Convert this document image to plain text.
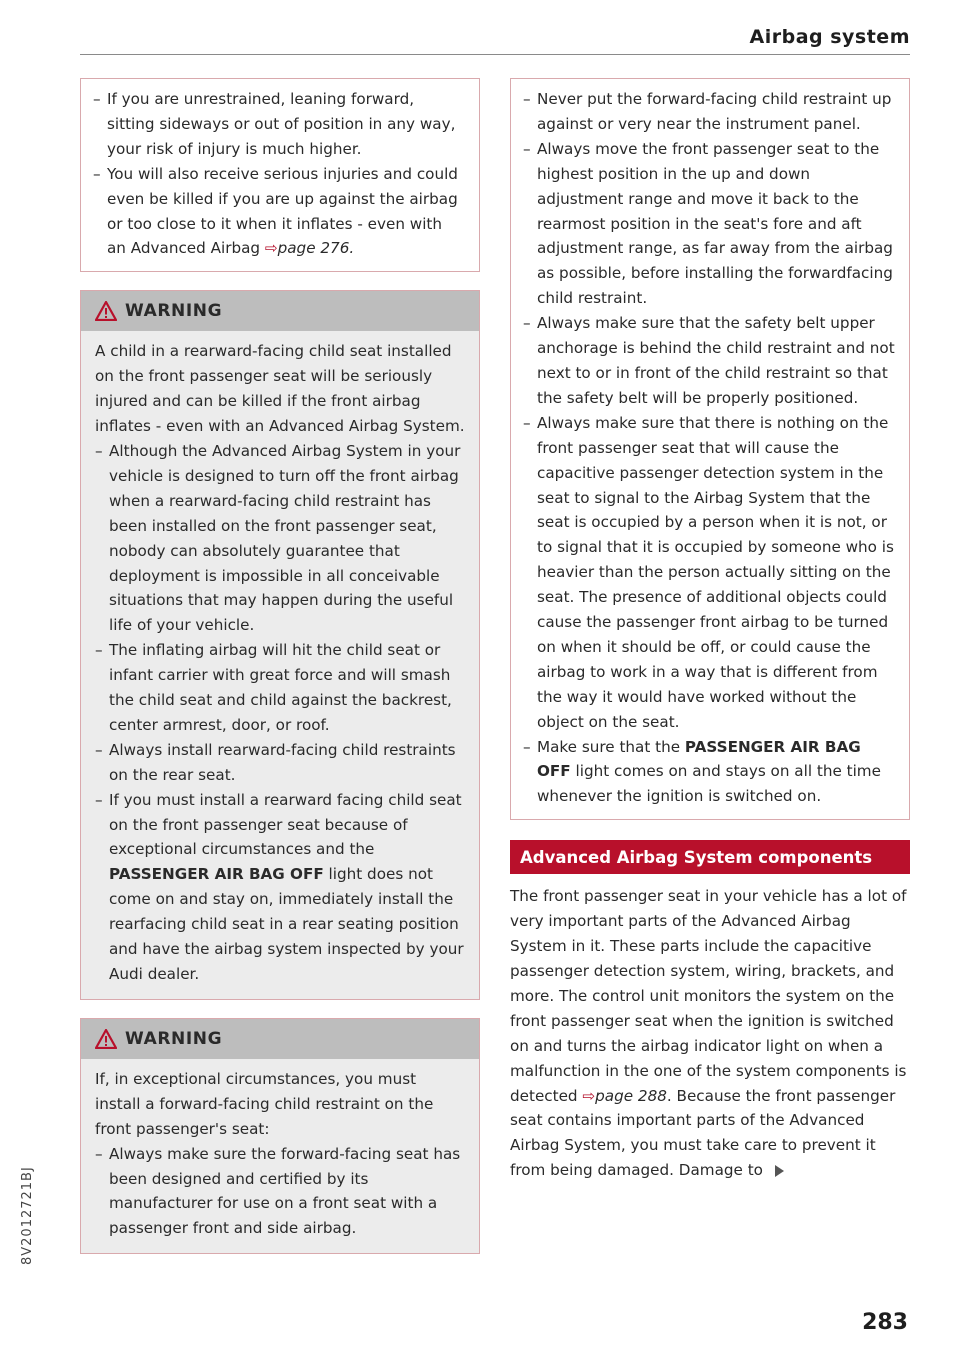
Airbag system
– If you are unrestrained, leaning forward, sitting sideways or out of position in any way, your risk of injury is much higher.
– You will also receive serious injuries and could even be killed if you are up against the airbag or too close to it when it inflates - even with an Advanced Airbag ⇨page 276.
WARNING

A child in a rearward-facing child seat installed on the front passenger seat will be seriously injured and can be killed if the front airbag inflates - even with an Advanced Airbag System.

– Although the Advanced Airbag System in your vehicle is designed to turn off the front airbag when a rearward-facing child restraint has been installed on the front passenger seat, nobody can absolutely guarantee that deployment is impossible in all conceivable situations that may happen during the useful life of your vehicle.
– The inflating airbag will hit the child seat or infant carrier with great force and will smash the child seat and child against the backrest, center armrest, door, or roof.
– Always install rearward-facing child restraints on the rear seat.
– If you must install a rearward facing child seat on the front passenger seat because of exceptional circumstances and the PASSENGER AIR BAG OFF light does not come on and stay on, immediately install the rearfacing child seat in a rear seating position and have the airbag system inspected by your Audi dealer.
WARNING

If, in exceptional circumstances, you must install a forward-facing child restraint on the front passenger's seat:

– Always make sure the forward-facing seat has been designed and certified by its manufacturer for use on a front seat with a passenger front and side airbag.
– Never put the forward-facing child restraint up against or very near the instrument panel.
– Always move the front passenger seat to the highest position in the up and down adjustment range and move it back to the rearmost position in the seat's fore and aft adjustment range, as far away from the airbag as possible, before installing the forwardfacing child restraint.
– Always make sure that the safety belt upper anchorage is behind the child restraint and not next to or in front of the child restraint so that the safety belt will be properly positioned.
– Always make sure that there is nothing on the front passenger seat that will cause the capacitive passenger detection system in the seat to signal to the Airbag System that the seat is occupied by a person when it is not, or to signal that it is occupied by someone who is heavier than the person actually sitting on the seat. The presence of additional objects could cause the passenger front airbag to be turned on when it should be off, or could cause the airbag to work in a way that is different from the way it would have worked without the object on the seat.
– Make sure that the PASSENGER AIR BAG OFF light comes on and stays on all the time whenever the ignition is switched on.
Advanced Airbag System components

The front passenger seat in your vehicle has a lot of very important parts of the Advanced Airbag System in it. These parts include the capacitive passenger detection system, wiring, brackets, and more. The control unit monitors the system on the front passenger seat when the ignition is switched on and turns the airbag indicator light on when a malfunction in the one of the system components is detected ⇨page 288. Because the front passenger seat contains important parts of the Advanced Airbag System, you must take care to prevent it from being damaged. Damage to

8V2012721BJ
283
